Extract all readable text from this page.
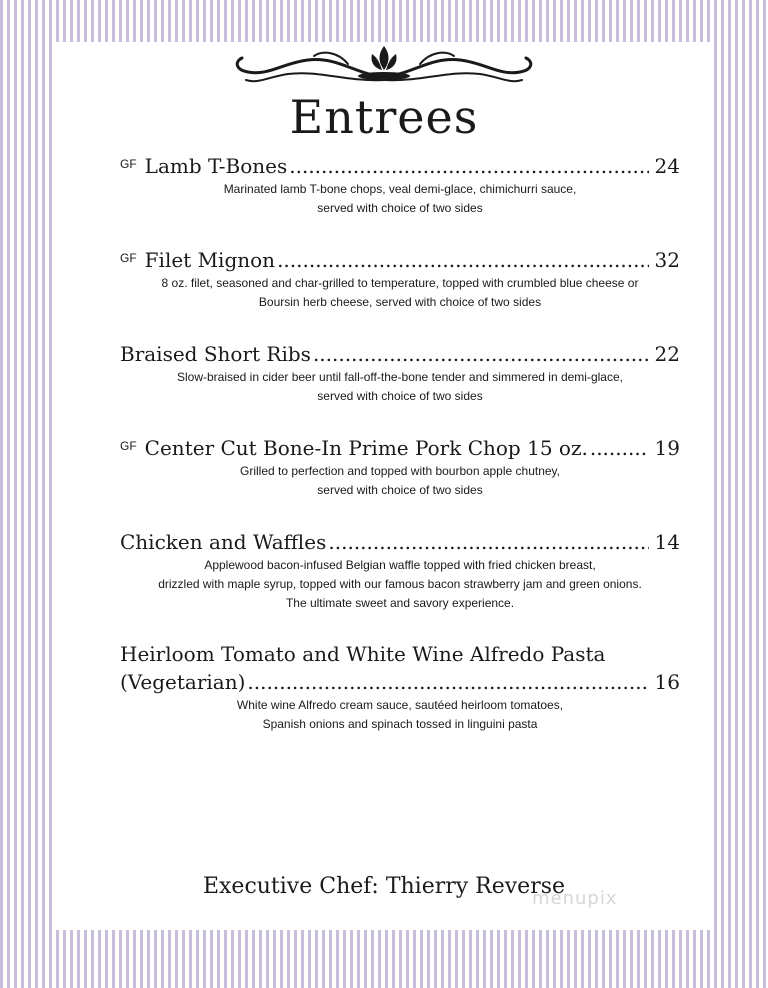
Entrees
GF Lamb T-Bones .....	24
Marinated lamb T-bone chops, veal demi-glace, chimichurri sauce,
served with choice of two sides
GF Filet Mignon .....	32
8 oz. filet, seasoned and char-grilled to temperature, topped with crumbled blue cheese or
Boursin herb cheese, served with choice of two sides
Braised Short Ribs .....	22
Slow-braised in cider beer until fall-off-the-bone tender and simmered in demi-glace,
served with choice of two sides
GF Center Cut Bone-In Prime Pork Chop 15 oz. .....	19
Grilled to perfection and topped with bourbon apple chutney,
served with choice of two sides
Chicken and Waffles .....	14
Applewood bacon-infused Belgian waffle topped with fried chicken breast,
drizzled with maple syrup, topped with our famous bacon strawberry jam and green onions.
The ultimate sweet and savory experience.
Heirloom Tomato and White Wine Alfredo Pasta
(Vegetarian) .....	16
White wine Alfredo cream sauce, sautéed heirloom tomatoes,
Spanish onions and spinach tossed in linguini pasta
Executive Chef: Thierry Reverse
menupix
